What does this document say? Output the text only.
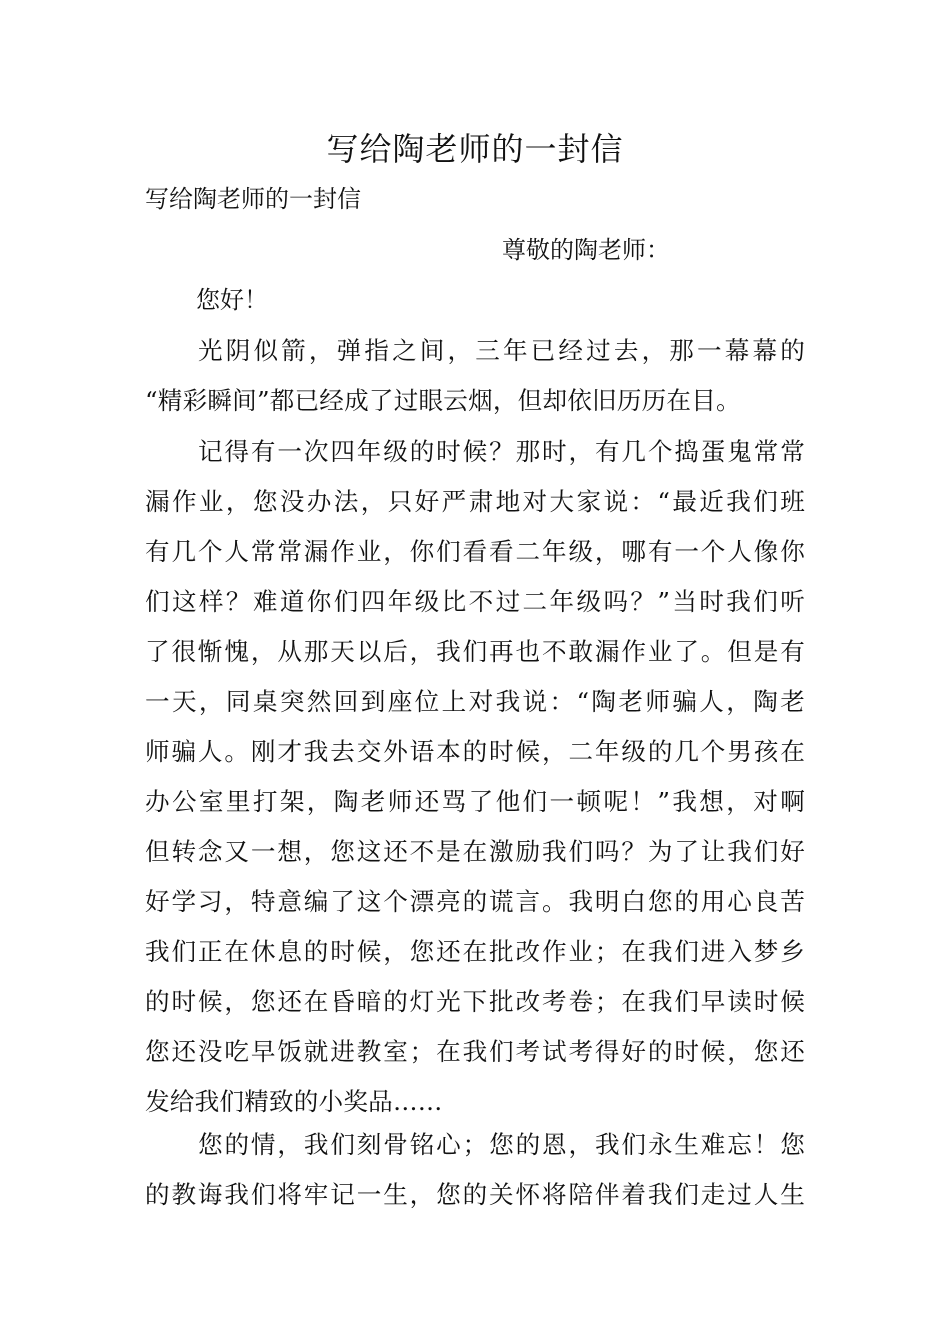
写给陶老师的一封信
写给陶老师的一封信
尊敬的陶老师：
您好！
光阴似箭，弹指之间，三年已经过去，那一幕幕的
“精彩瞬间”都已经成了过眼云烟，但却依旧历历在目。
记得有一次四年级的时候？那时，有几个捣蛋鬼常常
漏作业，您没办法，只好严肃地对大家说：“最近我们班
有几个人常常漏作业，你们看看二年级，哪有一个人像你
们这样？难道你们四年级比不过二年级吗？”当时我们听
了很惭愧，从那天以后，我们再也不敢漏作业了。但是有
一天，同桌突然回到座位上对我说：“陶老师骗人，陶老
师骗人。刚才我去交外语本的时候，二年级的几个男孩在
办公室里打架，陶老师还骂了他们一顿呢！”我想，对啊
但转念又一想，您这还不是在激励我们吗？为了让我们好
好学习，特意编了这个漂亮的谎言。我明白您的用心良苦
我们正在休息的时候，您还在批改作业；在我们进入梦乡
的时候，您还在昏暗的灯光下批改考卷；在我们早读时候
您还没吃早饭就进教室；在我们考试考得好的时候，您还
发给我们精致的小奖品……
您的情，我们刻骨铭心；您的恩，我们永生难忘！您
的教诲我们将牢记一生，您的关怀将陪伴着我们走过人生
